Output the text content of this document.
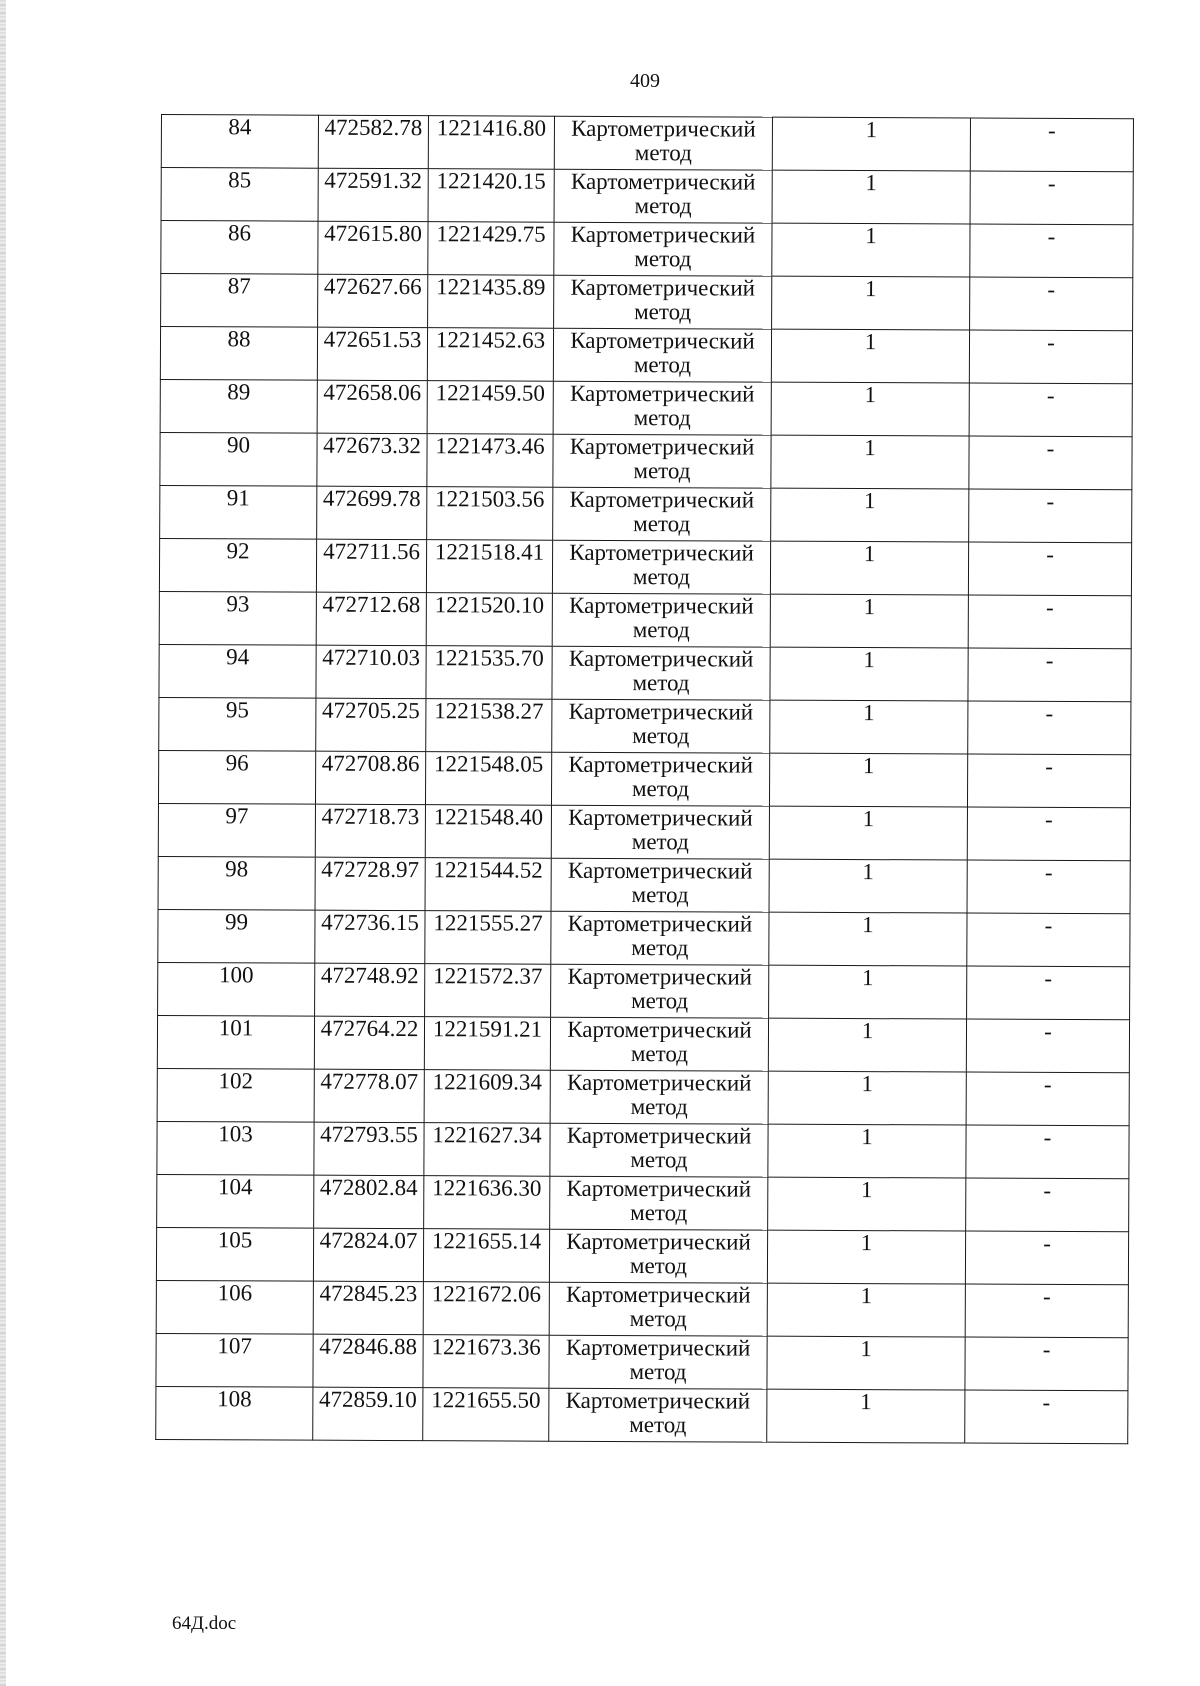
409
84	472582.78	1221416.80	Картометрический
метод	1	-
85	472591.32	1221420.15	Картометрический
метод	1	-
86	472615.80	1221429.75	Картометрический
метод	1	-
87	472627.66	1221435.89	Картометрический
метод	1	-
88	472651.53	1221452.63	Картометрический
метод	1	-
89	472658.06	1221459.50	Картометрический
метод	1	-
90	472673.32	1221473.46	Картометрический
метод	1	-
91	472699.78	1221503.56	Картометрический
метод	1	-
92	472711.56	1221518.41	Картометрический
метод	1	-
93	472712.68	1221520.10	Картометрический
метод	1	-
94	472710.03	1221535.70	Картометрический
метод	1	-
95	472705.25	1221538.27	Картометрический
метод	1	-
96	472708.86	1221548.05	Картометрический
метод	1	-
97	472718.73	1221548.40	Картометрический
метод	1	-
98	472728.97	1221544.52	Картометрический
метод	1	-
99	472736.15	1221555.27	Картометрический
метод	1	-
100	472748.92	1221572.37	Картометрический
метод	1	-
101	472764.22	1221591.21	Картометрический
метод	1	-
102	472778.07	1221609.34	Картометрический
метод	1	-
103	472793.55	1221627.34	Картометрический
метод	1	-
104	472802.84	1221636.30	Картометрический
метод	1	-
105	472824.07	1221655.14	Картометрический
метод	1	-
106	472845.23	1221672.06	Картометрический
метод	1	-
107	472846.88	1221673.36	Картометрический
метод	1	-
108	472859.10	1221655.50	Картометрический
метод	1	-
64Д.doc
